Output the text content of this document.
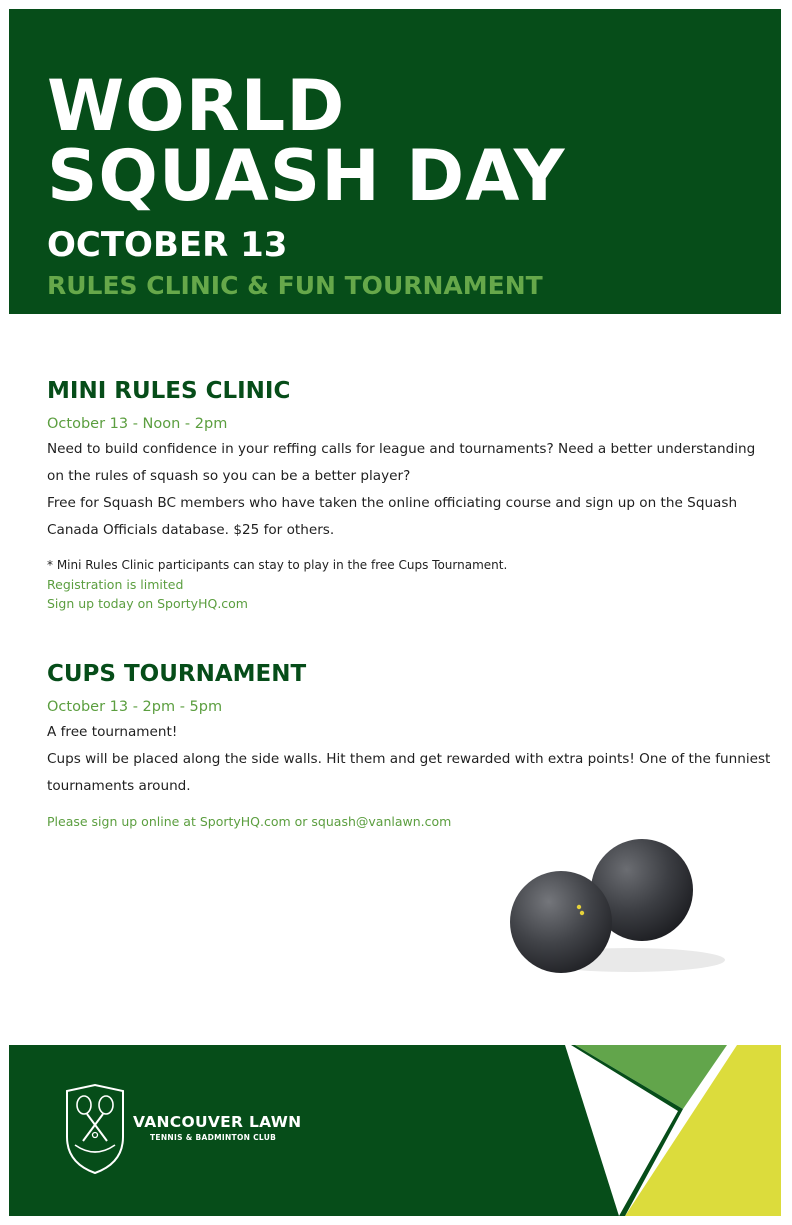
WORLD
SQUASH DAY

OCTOBER 13

RULES CLINIC & FUN TOURNAMENT

MINI RULES CLINIC

October 13 - Noon - 2pm

Need to build confidence in your reffing calls for league and tournaments? Need a better understanding on the rules of squash so you can be a better player?

Free for Squash BC members who have taken the online officiating course and sign up on the Squash Canada Officials database. $25 for others.

* Mini Rules Clinic participants can stay to play in the free Cups Tournament.

Registration is limited

Sign up today on SportyHQ.com

CUPS TOURNAMENT

October 13 - 2pm - 5pm

A free tournament!

Cups will be placed along the side walls. Hit them and get rewarded with extra points! One of the funniest tournaments around.

Please sign up online at SportyHQ.com or squash@vanlawn.com

VANCOUVER LAWN

TENNIS & BADMINTON CLUB
